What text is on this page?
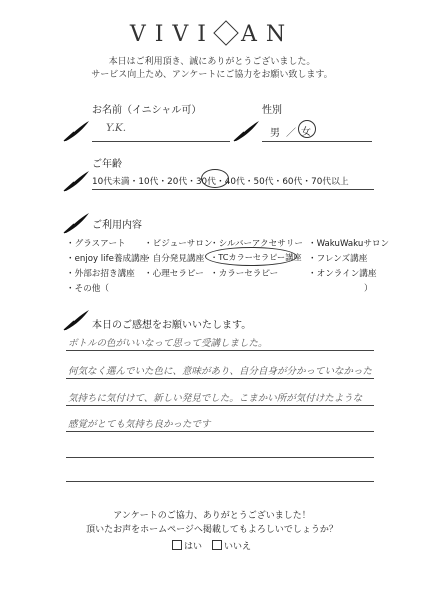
VIVI AN
本日はご利用頂き、誠にありがとうございました。
サービス向上ため、アンケートにご協力をお願い致します。
お名前（イニシャル可）
Y.K.
性別
男 ／ 女
ご年齢
10代未満・10代・20代・30代・40代・50代・60代・70代以上
ご利用内容
・グラスアート ・ビジューサロン
・シルバーアクセサリー ・WakuWakuサロン
・enjoy life養成講座
・自分発見講座 ・TCカラーセラピー講座 ・フレンズ講座
・外部お招き講座 ・心理セラピー ・カラーセラピー	・オンライン講座
・その他（	）
本日のご感想をお願いいたします。
ボトルの色がいいなって思って受講しました。
何気なく選んでいた色に、意味があり、自分自身が分かっていなかった
気持ちに気付けて、新しい発見でした。こまかい所が気付けたような
感覚がとても気持ち良かったです
アンケートのご協力、ありがとうございました！
頂いたお声をホームページへ掲載してもよろしいでしょうか？
はい	いいえ
